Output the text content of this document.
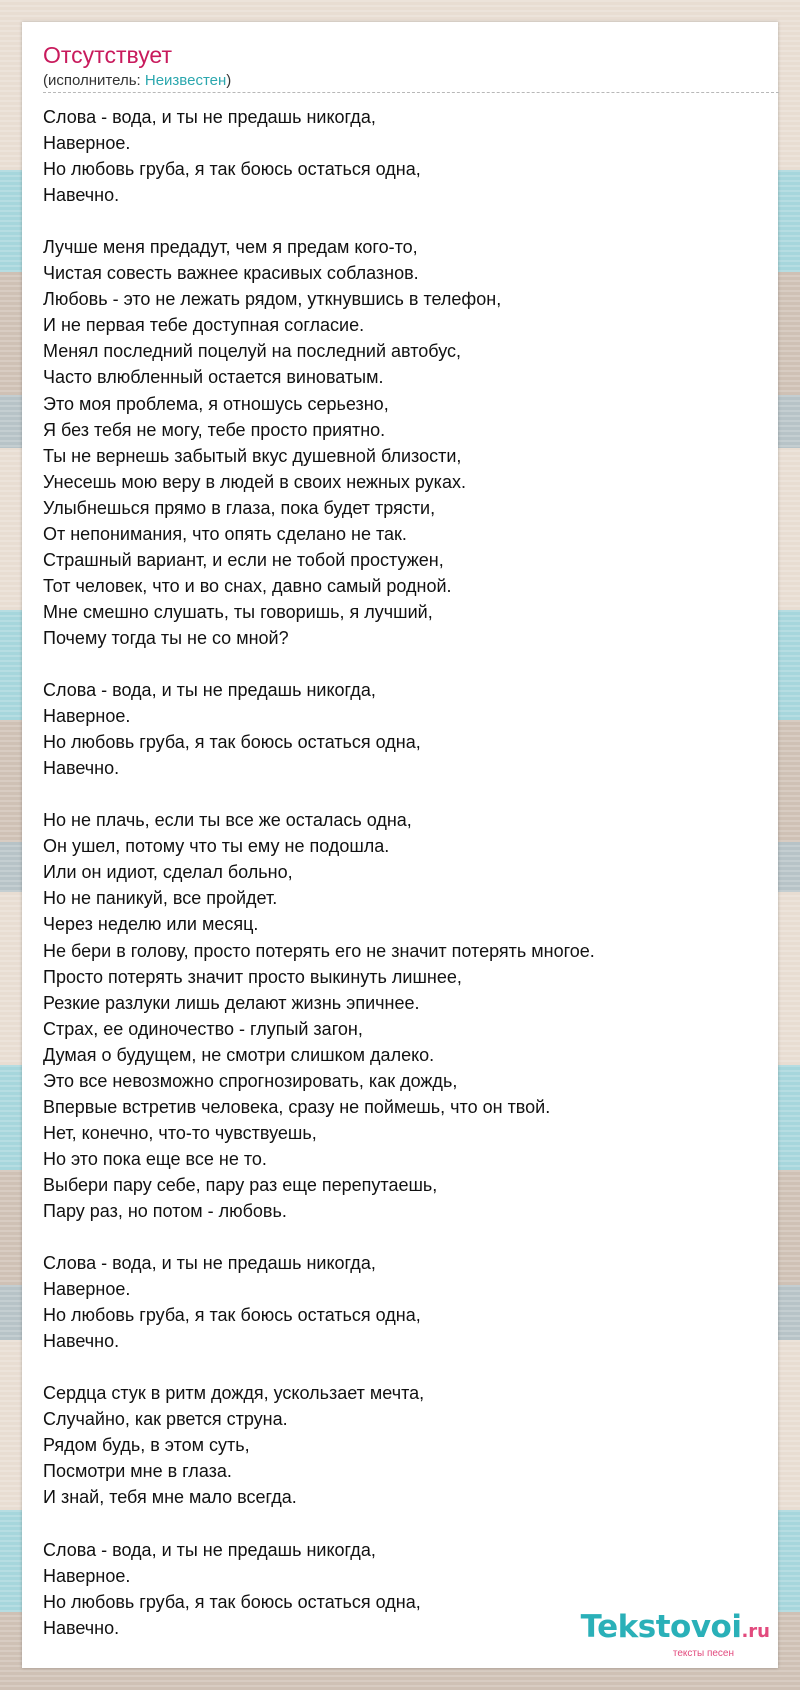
Отсутствует
(исполнитель: Неизвестен)
Слова - вода, и ты не предашь никогда,
Наверное.
Но любовь груба, я так боюсь остаться одна,
Навечно.
Лучше меня предадут, чем я предам кого-то,
Чистая совесть важнее красивых соблазнов.
Любовь - это не лежать рядом, уткнувшись в телефон,
И не первая тебе доступная согласие.
Менял последний поцелуй на последний автобус,
Часто влюбленный остается виноватым.
Это моя проблема, я отношусь серьезно,
Я без тебя не могу, тебе просто приятно.
Ты не вернешь забытый вкус душевной близости,
Унесешь мою веру в людей в своих нежных руках.
Улыбнешься прямо в глаза, пока будет трясти,
От непонимания, что опять сделано не так.
Страшный вариант, и если не тобой простужен,
Тот человек, что и во снах, давно самый родной.
Мне смешно слушать, ты говоришь, я лучший,
Почему тогда ты не со мной?
Слова - вода, и ты не предашь никогда,
Наверное.
Но любовь груба, я так боюсь остаться одна,
Навечно.
Но не плачь, если ты все же осталась одна,
Он ушел, потому что ты ему не подошла.
Или он идиот, сделал больно,
Но не паникуй, все пройдет.
Через неделю или месяц.
Не бери в голову, просто потерять его не значит потерять многое.
Просто потерять значит просто выкинуть лишнее,
Резкие разлуки лишь делают жизнь эпичнее.
Страх, ее одиночество - глупый загон,
Думая о будущем, не смотри слишком далеко.
Это все невозможно спрогнозировать, как дождь,
Впервые встретив человека, сразу не поймешь, что он твой.
Нет, конечно, что-то чувствуешь,
Но это пока еще все не то.
Выбери пару себе, пару раз еще перепутаешь,
Пару раз, но потом - любовь.
Слова - вода, и ты не предашь никогда,
Наверное.
Но любовь груба, я так боюсь остаться одна,
Навечно.
Сердца стук в ритм дождя, ускользает мечта,
Случайно, как рвется струна.
Рядом будь, в этом суть,
Посмотри мне в глаза.
И знай, тебя мне мало всегда.
Слова - вода, и ты не предашь никогда,
Наверное.
Но любовь груба, я так боюсь остаться одна,
Навечно.	Tekstovoi.ru
тексты песен
